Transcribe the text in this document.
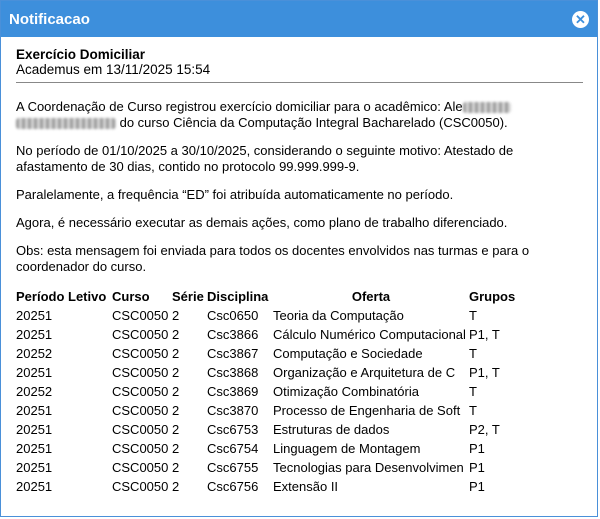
Notificacao	✕
Exercício Domiciliar
Academus em 13/11/2025 15:54

A Coordenação de Curso registrou exercício domiciliar para o acadêmico: Ale
do curso Ciência da Computação Integral Bacharelado (CSC0050).

No período de 01/10/2025 a 30/10/2025, considerando o seguinte motivo: Atestado de afastamento de 30 dias, contido no protocolo 99.999.999-9.

Paralelamente, a frequência “ED” foi atribuída automaticamente no período.

Agora, é necessário executar as demais ações, como plano de trabalho diferenciado.

Obs: esta mensagem foi enviada para todos os docentes envolvidos nas turmas e para o coordenador do curso.

Período Letivo	Curso	Série	Disciplina	Oferta	Grupos
20251	CSC0050	2	Csc0650	Teoria da Computação	T
20251	CSC0050	2	Csc3866	Cálculo Numérico Computacional	P1, T
20252	CSC0050	2	Csc3867	Computação e Sociedade	T
20251	CSC0050	2	Csc3868	Organização e Arquitetura de C	P1, T
20252	CSC0050	2	Csc3869	Otimização Combinatória	T
20251	CSC0050	2	Csc3870	Processo de Engenharia de Soft	T
20251	CSC0050	2	Csc6753	Estruturas de dados	P2, T
20251	CSC0050	2	Csc6754	Linguagem de Montagem	P1
20251	CSC0050	2	Csc6755	Tecnologias para Desenvolvimen	P1
20251	CSC0050	2	Csc6756	Extensão II	P1
